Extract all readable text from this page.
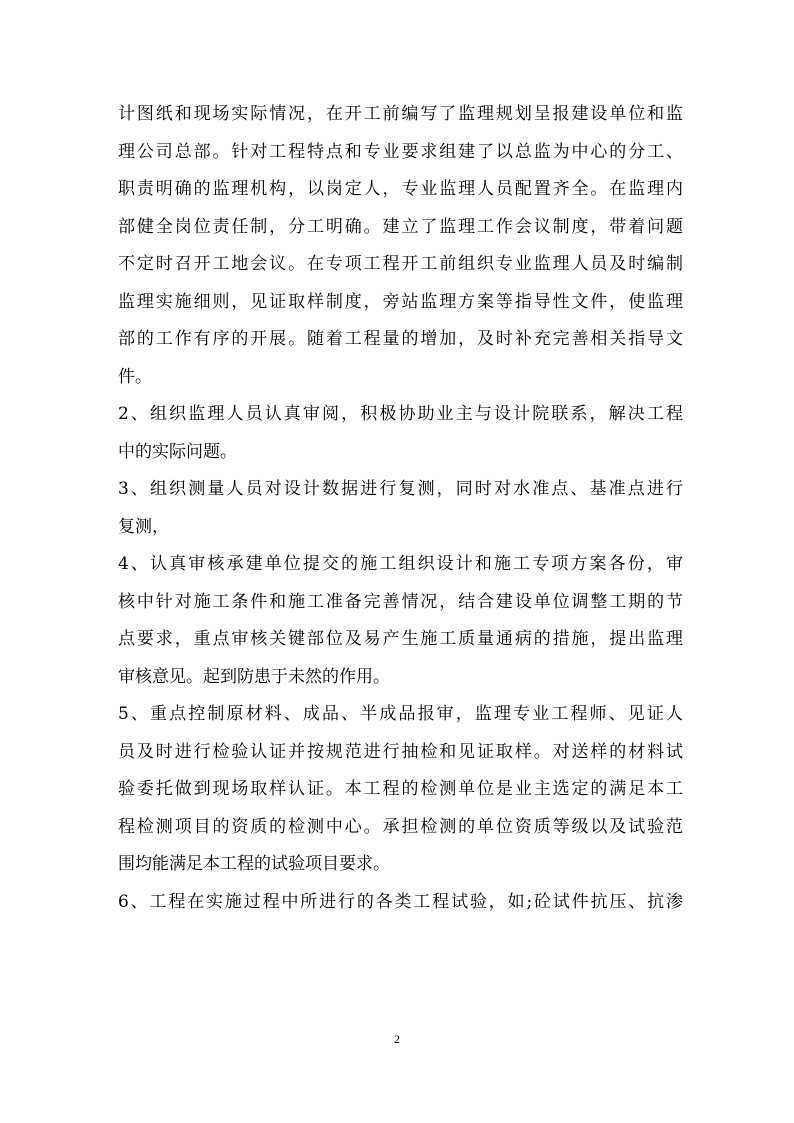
计图纸和现场实际情况，在开工前编写了监理规划呈报建设单位和监
理公司总部。针对工程特点和专业要求组建了以总监为中心的分工、
职责明确的监理机构，以岗定人，专业监理人员配置齐全。在监理内
部健全岗位责任制，分工明确。建立了监理工作会议制度，带着问题
不定时召开工地会议。在专项工程开工前组织专业监理人员及时编制
监理实施细则，见证取样制度，旁站监理方案等指导性文件，使监理
部的工作有序的开展。随着工程量的增加，及时补充完善相关指导文
件。
2、组织监理人员认真审阅，积极协助业主与设计院联系，解决工程
中的实际问题。
3、组织测量人员对设计数据进行复测，同时对水准点、基准点进行
复测，
4、认真审核承建单位提交的施工组织设计和施工专项方案各份，审
核中针对施工条件和施工准备完善情况，结合建设单位调整工期的节
点要求，重点审核关键部位及易产生施工质量通病的措施，提出监理
审核意见。起到防患于未然的作用。
5、重点控制原材料、成品、半成品报审，监理专业工程师、见证人
员及时进行检验认证并按规范进行抽检和见证取样。对送样的材料试
验委托做到现场取样认证。本工程的检测单位是业主选定的满足本工
程检测项目的资质的检测中心。承担检测的单位资质等级以及试验范
围均能满足本工程的试验项目要求。
6、工程在实施过程中所进行的各类工程试验，如;砼试件抗压、抗渗
2
